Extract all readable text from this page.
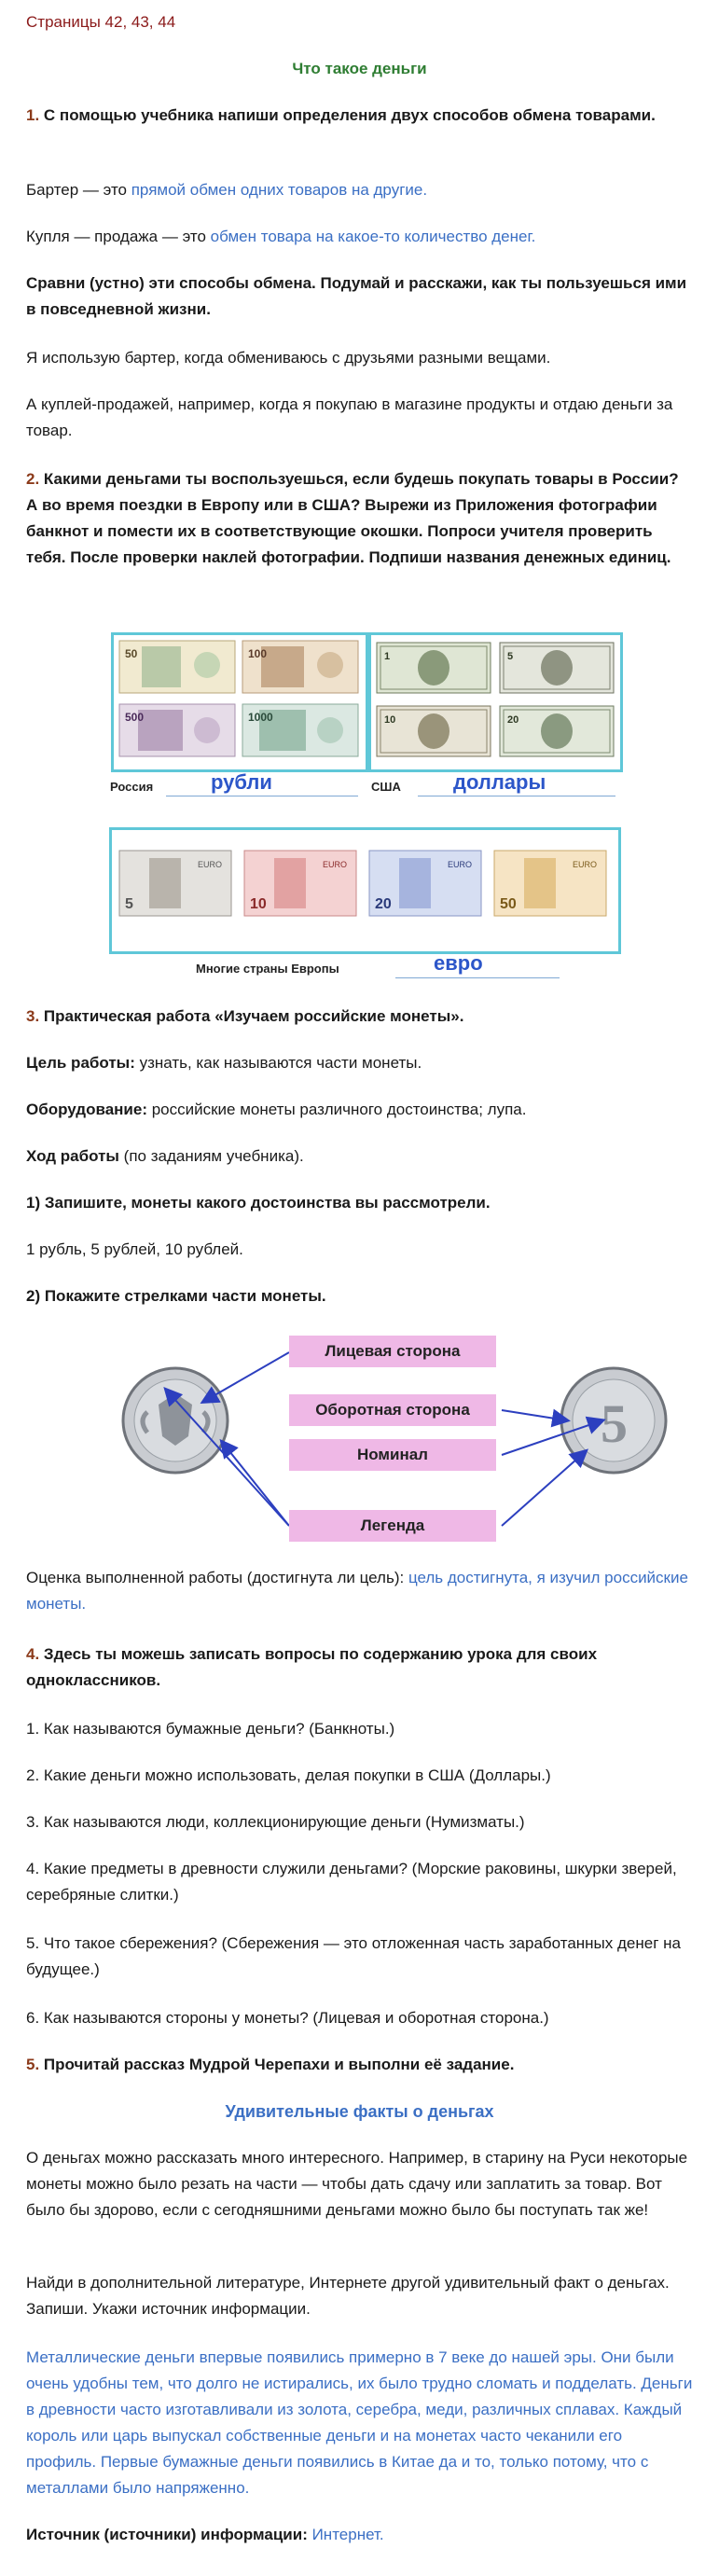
Страницы 42, 43, 44
Что такое деньги

1. С помощью учебника напиши определения двух способов обмена товарами.

Бартер — это прямой обмен одних товаров на другие.

Купля — продажа — это обмен товара на какое-то количество денег.

Сравни (устно) эти способы обмена. Подумай и расскажи, как ты пользуешься ими в повседневной жизни.

Я использую бартер, когда обмениваюсь с друзьями разными вещами.

А куплей-продажей, например, когда я покупаю в магазине продукты и отдаю деньги за товар.

2. Какими деньгами ты воспользуешься, если будешь покупать товары в России? А во время поездки в Европу или в США? Вырежи из Приложения фотографии банкнот и помести их в соответствующие окошки. Попроси учителя проверить тебя. После проверки наклей фотографии. Подпиши названия денежных единиц.

50	100
500	1000
1	5
10	20
Россия	рубли	США	доллары
5
EURO
10
EURO
20
EURO
50
EURO
Многие страны Европы	евро

3. Практическая работа «Изучаем российские монеты».

Цель работы: узнать, как называются части монеты.

Оборудование: российские монеты различного достоинства; лупа.

Ход работы (по заданиям учебника).

1) Запишите, монеты какого достоинства вы рассмотрели.

1 рубль, 5 рублей, 10 рублей.

2) Покажите стрелками части монеты.

5
Лицевая сторона
Оборотная сторона
Номинал
Легенда

Оценка выполненной работы (достигнута ли цель): цель достигнута, я изучил российские монеты.

4. Здесь ты можешь записать вопросы по содержанию урока для своих одноклассников.

1. Как называются бумажные деньги? (Банкноты.)

2. Какие деньги можно использовать, делая покупки в США (Доллары.)

3. Как называются люди, коллекционирующие деньги (Нумизматы.)

4. Какие предметы в древности служили деньгами? (Морские раковины, шкурки зверей, серебряные слитки.)

5. Что такое сбережения? (Сбережения — это отложенная часть заработанных денег на будущее.)

6. Как называются стороны у монеты? (Лицевая и оборотная сторона.)

5. Прочитай рассказ Мудрой Черепахи и выполни её задание.

Удивительные факты о деньгах

О деньгах можно рассказать много интересного. Например, в старину на Руси некоторые монеты можно было резать на части — чтобы дать сдачу или заплатить за товар. Вот было бы здорово, если с сегодняшними деньгами можно было бы поступать так же!

Найди в дополнительной литературе, Интернете другой удивительный факт о деньгах. Запиши. Укажи источник информации.

Металлические деньги впервые появились примерно в 7 веке до нашей эры. Они были очень удобны тем, что долго не истирались, их было трудно сломать и подделать. Деньги в древности часто изготавливали из золота, серебра, меди, различных сплавах. Каждый король или царь выпускал собственные деньги и на монетах часто чеканили его профиль. Первые бумажные деньги появились в Китае да и то, только потому, что с металлами было напряженно.

Источник (источники) информации: Интернет.
